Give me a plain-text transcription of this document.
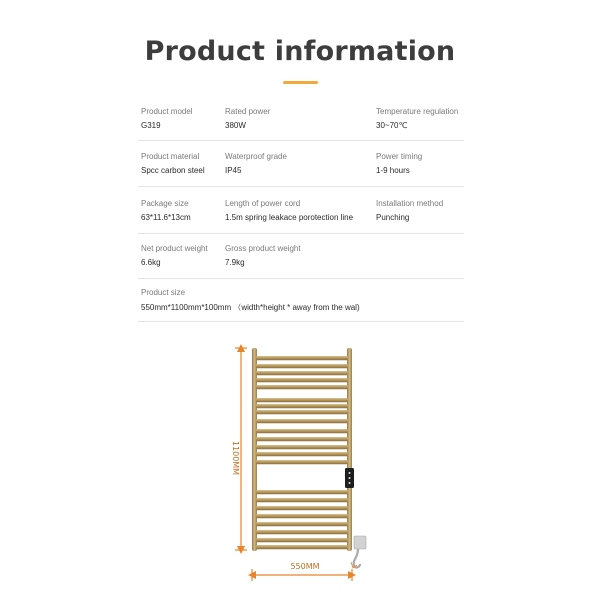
Product information
Product model
G319
Rated power
380W
Temperature regulation
30~70℃
Product material
Spcc carbon steel
Waterproof grade
IP45
Power timing
1-9 hours
Package size
63*11.6*13cm
Length of power cord
1.5m spring leakace porotection line
Installation method
Punching
Net product weight
6.6kg
Gross product weight
7.9kg
Product size
550mm*1100mm*100mm （width*height * away from the wal)
1100MM
550MM
